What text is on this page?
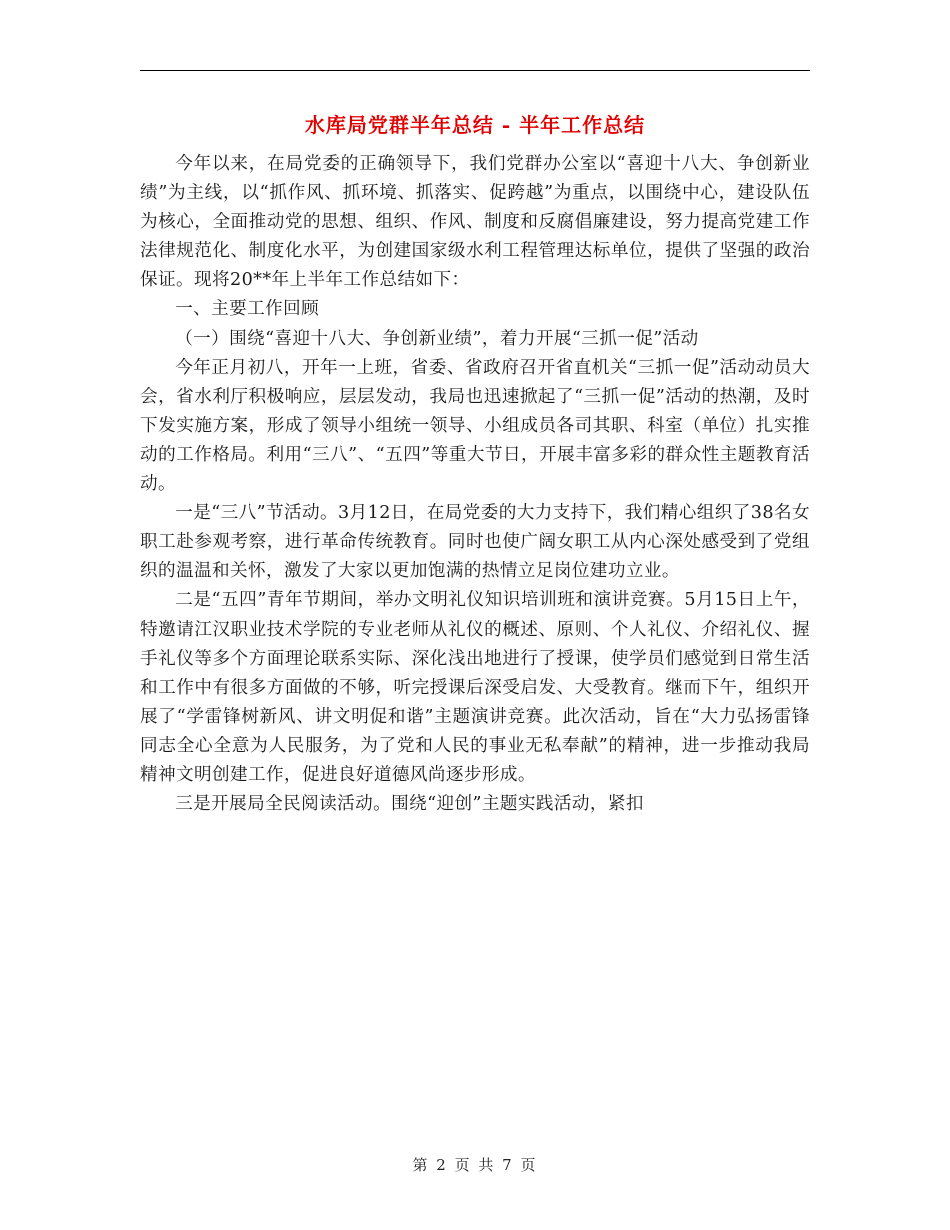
水库局党群半年总结 - 半年工作总结

今年以来，在局党委的正确领导下，我们党群办公室以“喜迎十八大、争创新业绩”为主线，以“抓作风、抓环境、抓落实、促跨越”为重点，以围绕中心，建设队伍为核心，全面推动党的思想、组织、作风、制度和反腐倡廉建设，努力提高党建工作法律规范化、制度化水平，为创建国家级水利工程管理达标单位，提供了坚强的政治保证。现将20**年上半年工作总结如下：

一、主要工作回顾

（一）围绕“喜迎十八大、争创新业绩”，着力开展“三抓一促”活动

今年正月初八，开年一上班，省委、省政府召开省直机关“三抓一促”活动动员大会，省水利厅积极响应，层层发动，我局也迅速掀起了“三抓一促”活动的热潮，及时下发实施方案，形成了领导小组统一领导、小组成员各司其职、科室（单位）扎实推动的工作格局。利用“三八”、“五四”等重大节日，开展丰富多彩的群众性主题教育活动。

一是“三八”节活动。3月12日，在局党委的大力支持下，我们精心组织了38名女职工赴参观考察，进行革命传统教育。同时也使广阔女职工从内心深处感受到了党组织的温温和关怀，激发了大家以更加饱满的热情立足岗位建功立业。

二是“五四”青年节期间，举办文明礼仪知识培训班和演讲竞赛。5月15日上午，特邀请江汉职业技术学院的专业老师从礼仪的概述、原则、个人礼仪、介绍礼仪、握手礼仪等多个方面理论联系实际、深化浅出地进行了授课，使学员们感觉到日常生活和工作中有很多方面做的不够，听完授课后深受启发、大受教育。继而下午，组织开展了“学雷锋树新风、讲文明促和谐”主题演讲竞赛。此次活动，旨在“大力弘扬雷锋同志全心全意为人民服务，为了党和人民的事业无私奉献”的精神，进一步推动我局精神文明创建工作，促进良好道德风尚逐步形成。

三是开展局全民阅读活动。围绕“迎创”主题实践活动，紧扣

第 2 页 共 7 页
